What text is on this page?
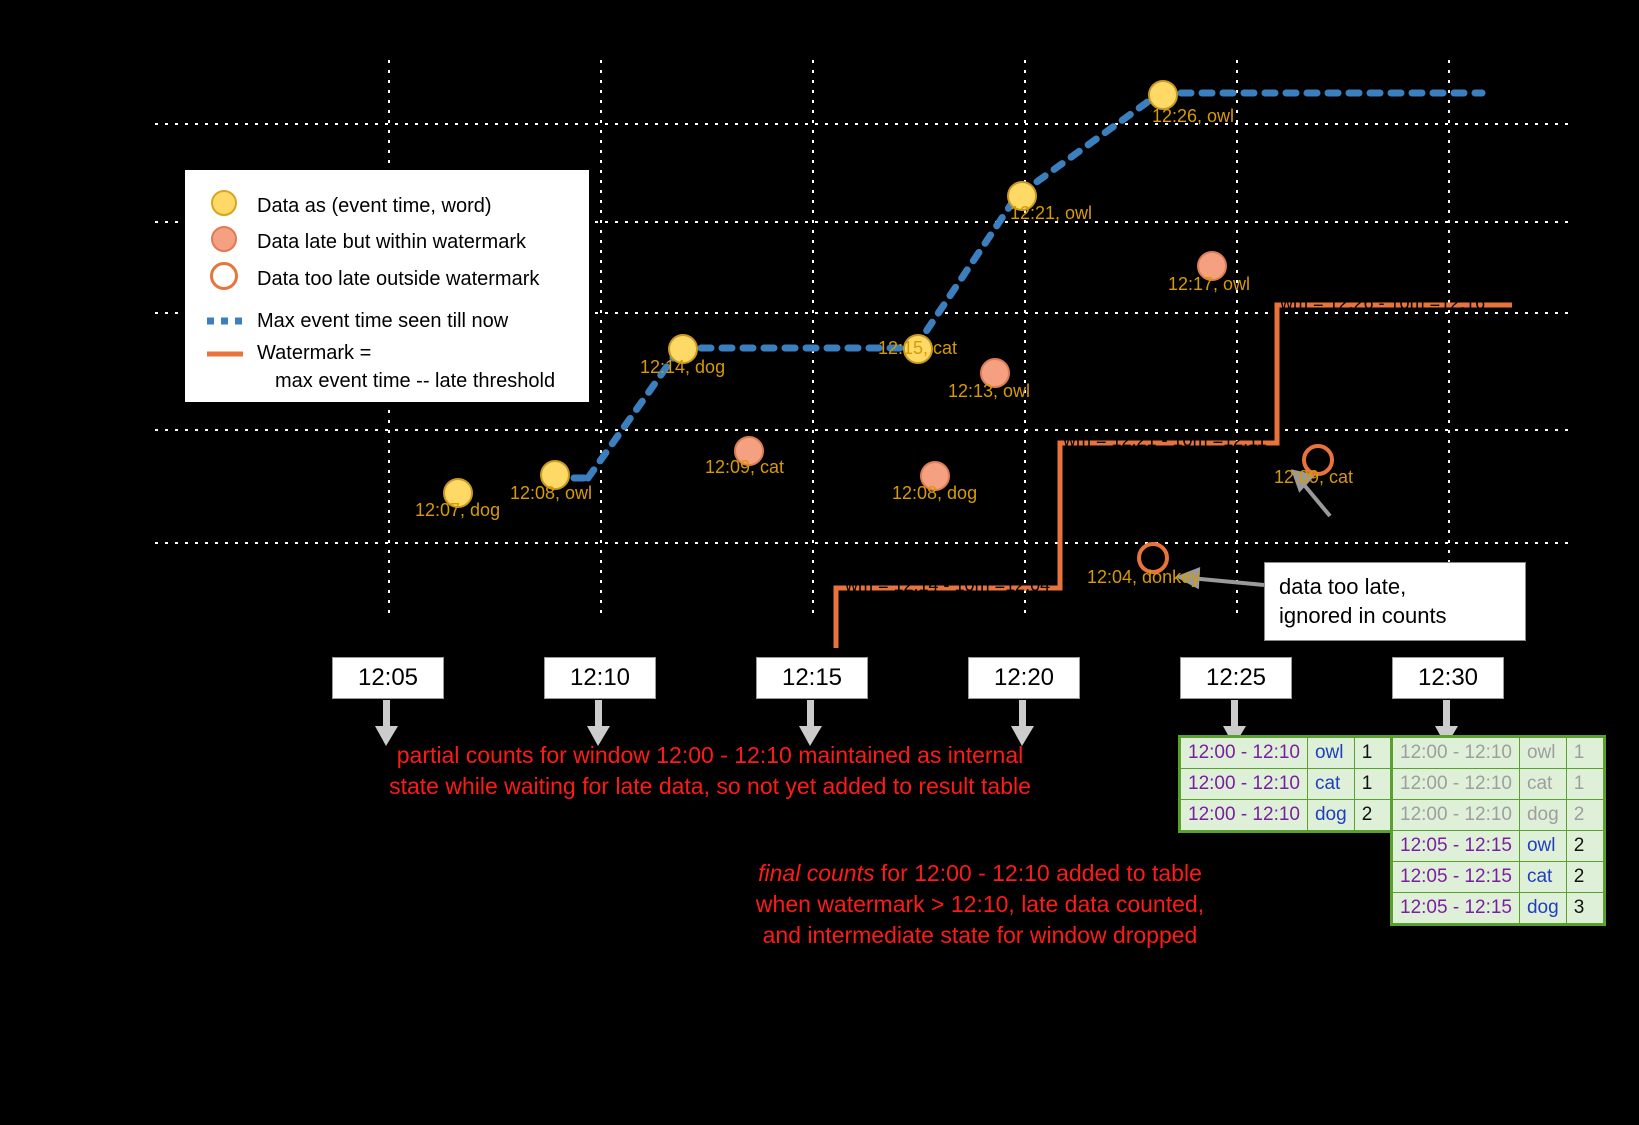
12:07, dog
12:08, owl
12:09, cat
12:14, dog
12:15, cat
12:08, dog
12:13, owl
12:21, owl
12:17, owl
12:26, owl
12:04, donkey
12:09, cat
wm = 12:14 - 10m =12:04
wm = 12:21 - 10m =12:11
wm = 12:26 - 10m =12:16
Data as (event time, word)
Data late but within watermark
Data too late outside watermark
Max event time seen till now
Watermark =
max event time -- late threshold
12:05	12:10	12:15	12:20	12:25	12:30
data too late,
ignored in counts
partial counts for window 12:00 - 12:10 maintained as internal
state while waiting for late data, so not yet added to result table
final counts for 12:00 - 12:10 added to table
when watermark > 12:10, late data counted,
and intermediate state for window dropped
12:00 - 12:10	owl	1
12:00 - 12:10	cat	1
12:00 - 12:10	dog	2
12:00 - 12:10	owl	1
12:00 - 12:10	cat	1
12:00 - 12:10	dog	2
12:05 - 12:15	owl	2
12:05 - 12:15	cat	2
12:05 - 12:15	dog	3
